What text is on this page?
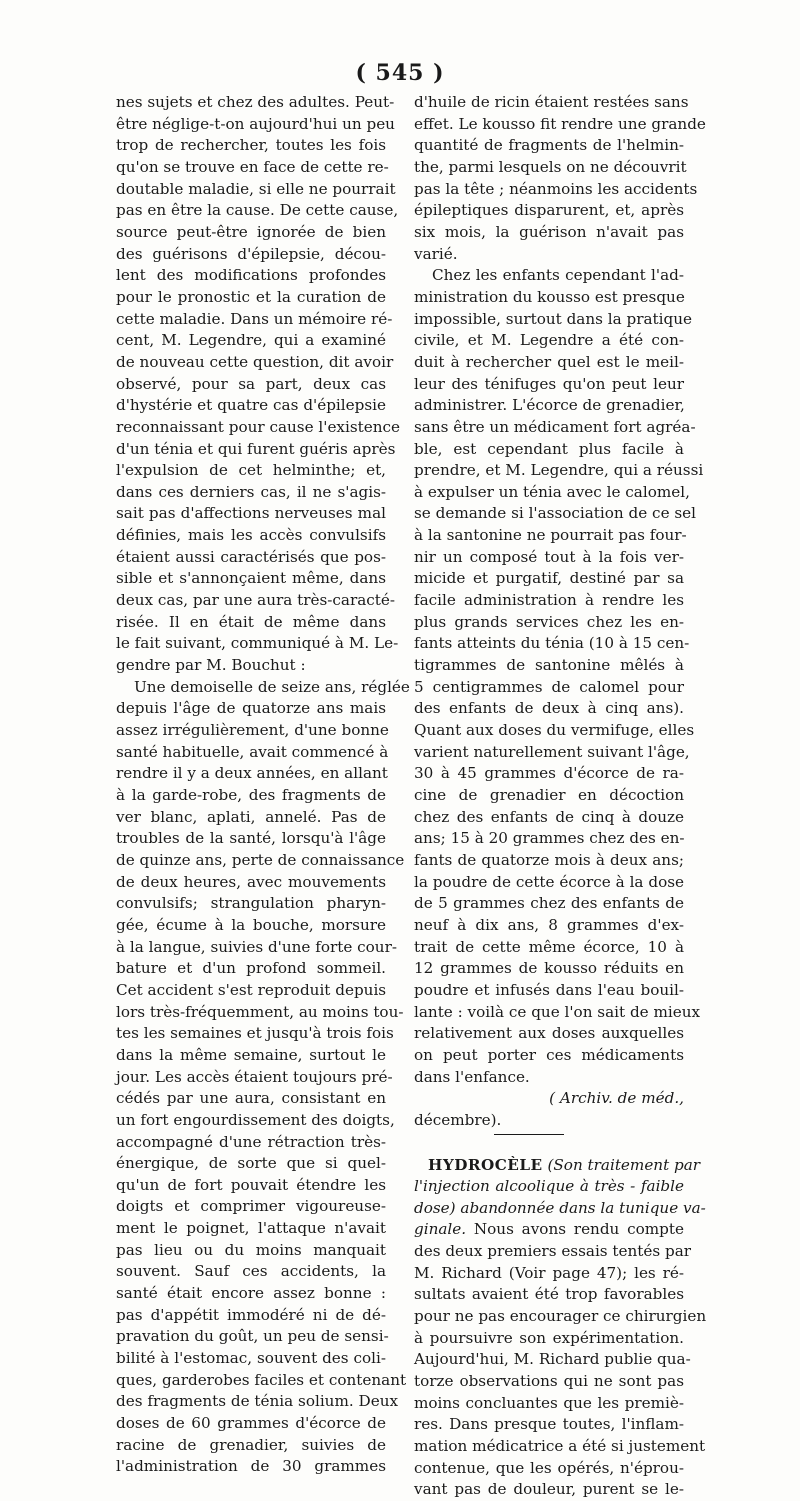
( 545 )
nes sujets et chez des adultes. Peut-
être néglige-t-on aujourd'hui un peu
trop de rechercher, toutes les fois
qu'on se trouve en face de cette re-
doutable maladie, si elle ne pourrait
pas en être la cause. De cette cause,
source peut-être ignorée de bien
des guérisons d'épilepsie, décou-
lent des modifications profondes
pour le pronostic et la curation de
cette maladie. Dans un mémoire ré-
cent, M. Legendre, qui a examiné
de nouveau cette question, dit avoir
observé, pour sa part, deux cas
d'hystérie et quatre cas d'épilepsie
reconnaissant pour cause l'existence
d'un ténia et qui furent guéris après
l'expulsion de cet helminthe; et,
dans ces derniers cas, il ne s'agis-
sait pas d'affections nerveuses mal
définies, mais les accès convulsifs
étaient aussi caractérisés que pos-
sible et s'annonçaient même, dans
deux cas, par une aura très-caracté-
risée. Il en était de même dans
le fait suivant, communiqué à M. Le-
gendre par M. Bouchut :
Une demoiselle de seize ans, réglée
depuis l'âge de quatorze ans mais
assez irrégulièrement, d'une bonne
santé habituelle, avait commencé à
rendre il y a deux années, en allant
à la garde-robe, des fragments de
ver blanc, aplati, annelé. Pas de
troubles de la santé, lorsqu'à l'âge
de quinze ans, perte de connaissance
de deux heures, avec mouvements
convulsifs; strangulation pharyn-
gée, écume à la bouche, morsure
à la langue, suivies d'une forte cour-
bature et d'un profond sommeil.
Cet accident s'est reproduit depuis
lors très-fréquemment, au moins tou-
tes les semaines et jusqu'à trois fois
dans la même semaine, surtout le
jour. Les accès étaient toujours pré-
cédés par une aura, consistant en
un fort engourdissement des doigts,
accompagné d'une rétraction très-
énergique, de sorte que si quel-
qu'un de fort pouvait étendre les
doigts et comprimer vigoureuse-
ment le poignet, l'attaque n'avait
pas lieu ou du moins manquait
souvent. Sauf ces accidents, la
santé était encore assez bonne :
pas d'appétit immodéré ni de dé-
pravation du goût, un peu de sensi-
bilité à l'estomac, souvent des coli-
ques, garderobes faciles et contenant
des fragments de ténia solium. Deux
doses de 60 grammes d'écorce de
racine de grenadier, suivies de
l'administration de 30 grammes
d'huile de ricin étaient restées sans
effet. Le kousso fit rendre une grande
quantité de fragments de l'helmin-
the, parmi lesquels on ne découvrit
pas la tête ; néanmoins les accidents
épileptiques disparurent, et, après
six mois, la guérison n'avait pas
varié.
Chez les enfants cependant l'ad-
ministration du kousso est presque
impossible, surtout dans la pratique
civile, et M. Legendre a été con-
duit à rechercher quel est le meil-
leur des ténifuges qu'on peut leur
administrer. L'écorce de grenadier,
sans être un médicament fort agréa-
ble, est cependant plus facile à
prendre, et M. Legendre, qui a réussi
à expulser un ténia avec le calomel,
se demande si l'association de ce sel
à la santonine ne pourrait pas four-
nir un composé tout à la fois ver-
micide et purgatif, destiné par sa
facile administration à rendre les
plus grands services chez les en-
fants atteints du ténia (10 à 15 cen-
tigrammes de santonine mêlés à
5 centigrammes de calomel pour
des enfants de deux à cinq ans).
Quant aux doses du vermifuge, elles
varient naturellement suivant l'âge,
30 à 45 grammes d'écorce de ra-
cine de grenadier en décoction
chez des enfants de cinq à douze
ans; 15 à 20 grammes chez des en-
fants de quatorze mois à deux ans;
la poudre de cette écorce à la dose
de 5 grammes chez des enfants de
neuf à dix ans, 8 grammes d'ex-
trait de cette même écorce, 10 à
12 grammes de kousso réduits en
poudre et infusés dans l'eau bouil-
lante : voilà ce que l'on sait de mieux
relativement aux doses auxquelles
on peut porter ces médicaments
dans l'enfance.
( Archiv. de méd.,
décembre).
HYDROCÈLE (Son traitement par
l'injection alcoolique à très - faible
dose) abandonnée dans la tunique va-
ginale. Nous avons rendu compte
des deux premiers essais tentés par
M. Richard (Voir page 47); les ré-
sultats avaient été trop favorables
pour ne pas encourager ce chirurgien
à poursuivre son expérimentation.
Aujourd'hui, M. Richard publie qua-
torze observations qui ne sont pas
moins concluantes que les premiè-
res. Dans presque toutes, l'inflam-
mation médicatrice a été si justement
contenue, que les opérés, n'éprou-
vant pas de douleur, purent se le-
